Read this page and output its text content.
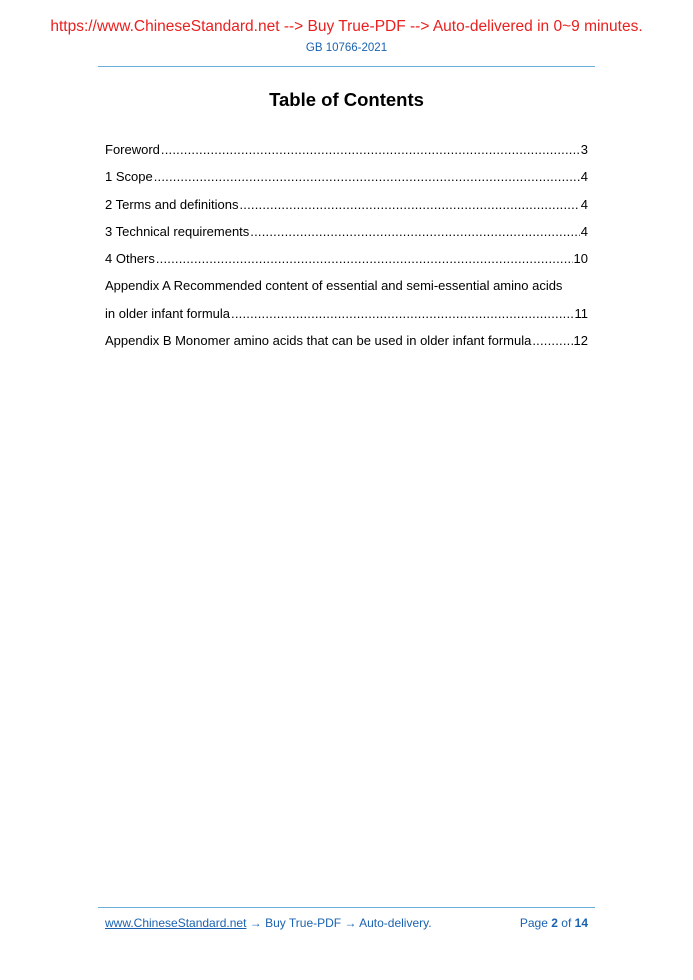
https://www.ChineseStandard.net --> Buy True-PDF --> Auto-delivered in 0~9 minutes.
GB 10766-2021
Table of Contents
Foreword .....	3
1 Scope .....	4
2 Terms and definitions .....	4
3 Technical requirements .....	4
4 Others .....	10
Appendix A Recommended content of essential and semi-essential amino acids
in older infant formula .....	11
Appendix B Monomer amino acids that can be used in older infant formula .....	12
www.ChineseStandard.net → Buy True-PDF → Auto-delivery.	Page 2 of 14
